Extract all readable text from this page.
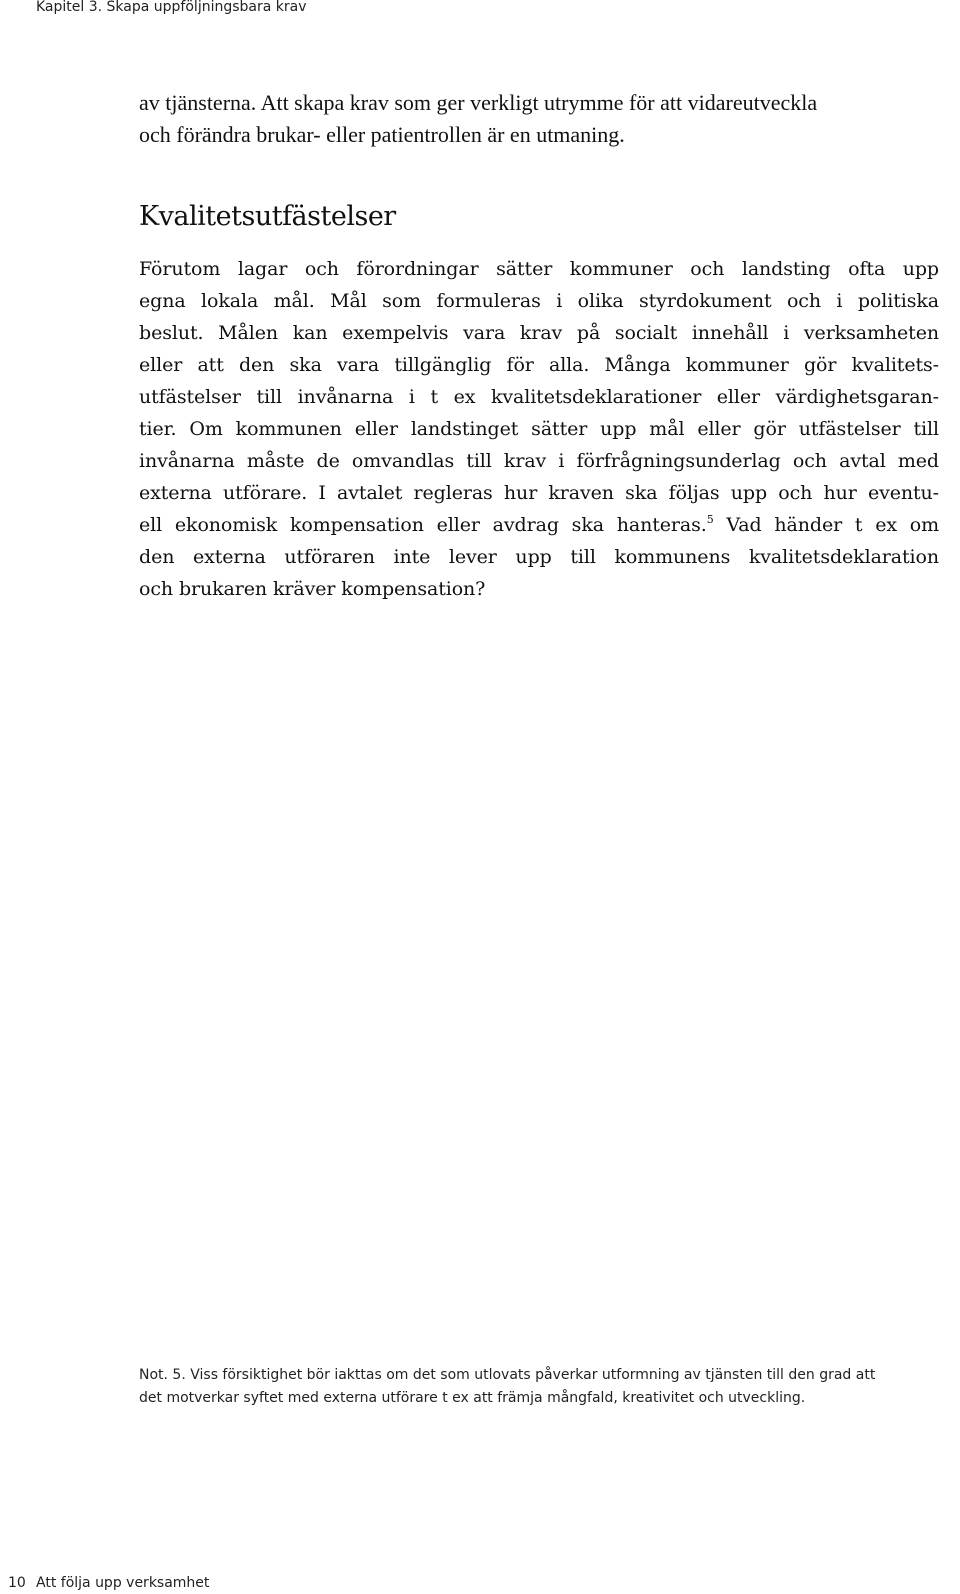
Kapitel 3. Skapa uppföljningsbara krav

av tjänsterna. Att skapa krav som ger verkligt utrymme för att vidareutveckla
och förändra brukar- eller patientrollen är en utmaning.

Kvalitetsutfästelser
Förutom lagar och förordningar sätter kommuner och landsting ofta upp
egna lokala mål. Mål som formuleras i olika styrdokument och i politiska
beslut. Målen kan exempelvis vara krav på socialt innehåll i verksamheten
eller att den ska vara tillgänglig för alla. Många kommuner gör kvalitets-
utfästelser till invånarna i t ex kvalitetsdeklarationer eller värdighetsgaran-
tier. Om kommunen eller landstinget sätter upp mål eller gör utfästelser till
invånarna måste de omvandlas till krav i förfrågningsunderlag och avtal med
externa utförare. I avtalet regleras hur kraven ska följas upp och hur eventu-
ell ekonomisk kompensation eller avdrag ska hanteras.$^5$ Vad händer t ex om
den externa utföraren inte lever upp till kommunens kvalitetsdeklaration
och brukaren kräver kompensation?
Not. 5. Viss försiktighet bör iakttas om det som utlovats påverkar utformning av tjänsten till den grad att
det motverkar syftet med externa utförare t ex att främja mångfald, kreativitet och utveckling.
10 Att följa upp verksamhet
